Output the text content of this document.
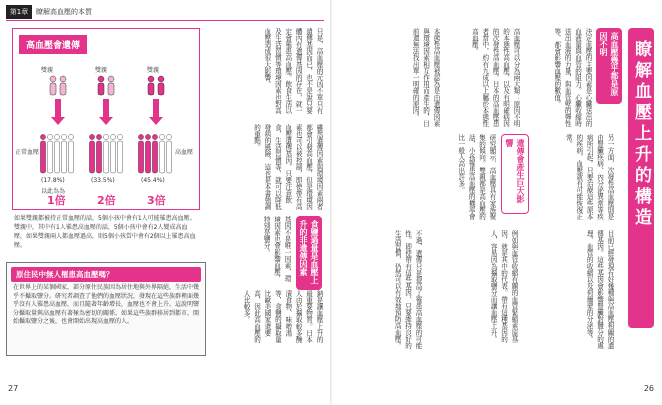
第1章	瞭解高血壓的本質
高血壓會遺傳
雙親	雙親	雙親
正常血壓	高血壓
(17.8%)	(33.5%)	(45.4%)
以此為為
1倍	2倍	3倍
如果雙親都被持正常血壓的話，5個小孩中會有1人可能罹患高血壓。雙親中，其中有1人罹患高血壓的話，5個小孩中會有2人變成高血壓，如果雙親兩人都血壓過高，則5個小孩當中會有2個以上罹患高血壓。
只是，高血壓的元凶不單只有遺傳基因而已，也不是說只要體內有遺傳基因的存在，就一定會罹患高血壓。飲食生活以及生活習慣等環境因素也對高血壓造成很大影響。
雖然遺傳因素與環境因素兩者都會引發高血壓，但是環境因素也可以被控制，即使帶有高血壓遺傳基因，只要注意飲食、生活習慣等，就可以降低發病的風險，這也是本書強調的重點。
食鹽過量是血壓上升的非遺傳因素
基因不是唯一因素，環境因素也會影響血壓，特別是鹽分。
鈉是讓血壓上升的最重要物質。日本人由於攝取較多醃漬食物、味噌湯等，食鹽的攝取量比歐美國家還要高，因此高血壓的人比較多。
原住民中無人罹患高血壓嗎？
在世界上的某個國家，部分原住民族因為居住地與外界隔絕，生活中幾乎不攝取鹽分。研究者調查了他們的血壓狀況，發現在這些族群裡面幾乎沒有人罹患高血壓，而且隨著年齡增長，血壓也不會上升。這說明鹽分攝取量與高血壓有著極為密切的關係。如果這些族群移居到都市，開始攝取鹽分之後，也會開始出現高血壓的人。
27
瞭解血壓上升的構造
高血壓幾乎都是原因不明
決定血壓的主要因素是心臟送出的血液量與血管的阻力。心臟收縮時送出血液的力量，與血管壁的彈性等，都會影響血壓的數值。
高血壓可以分為兩大類：原因不明的本態性高血壓，以及有明確病因的次發性高血壓。日本的高血壓患者當中，約有九成以上屬於本態性高血壓。
本態性高血壓被認為是由遺傳因素與環境因素相互作用而產生的，目前還無法找出單一明確的原因。
另一方面，次發性高血壓則是由腎臟疾病、內分泌異常等疾病所引起。只要治療這些原本的疾病，血壓就有可能恢復正常。
遺傳會產生巨大影響
研究顯示，高血壓具有家族聚集的傾向。雙親都是高血壓的話，小孩罹患高血壓的機率會比一般人高出許多。
目前已經發現有好幾種與高血壓相關的遺傳基因。這些基因會影響腎臟對鹽分的處理、血管的收縮以及荷爾蒙的分泌等。
例如與血管收縮有關的血管緊縮素原基因，就是其中的代表。帶有這種基因的人，容易因為攝取鹽分而讓血壓上升。
不過，遺傳只是提高了罹患高血壓的可能性。即使帶有這些基因，只要維持良好的生活習慣，仍然可以有效地預防高血壓。
26
